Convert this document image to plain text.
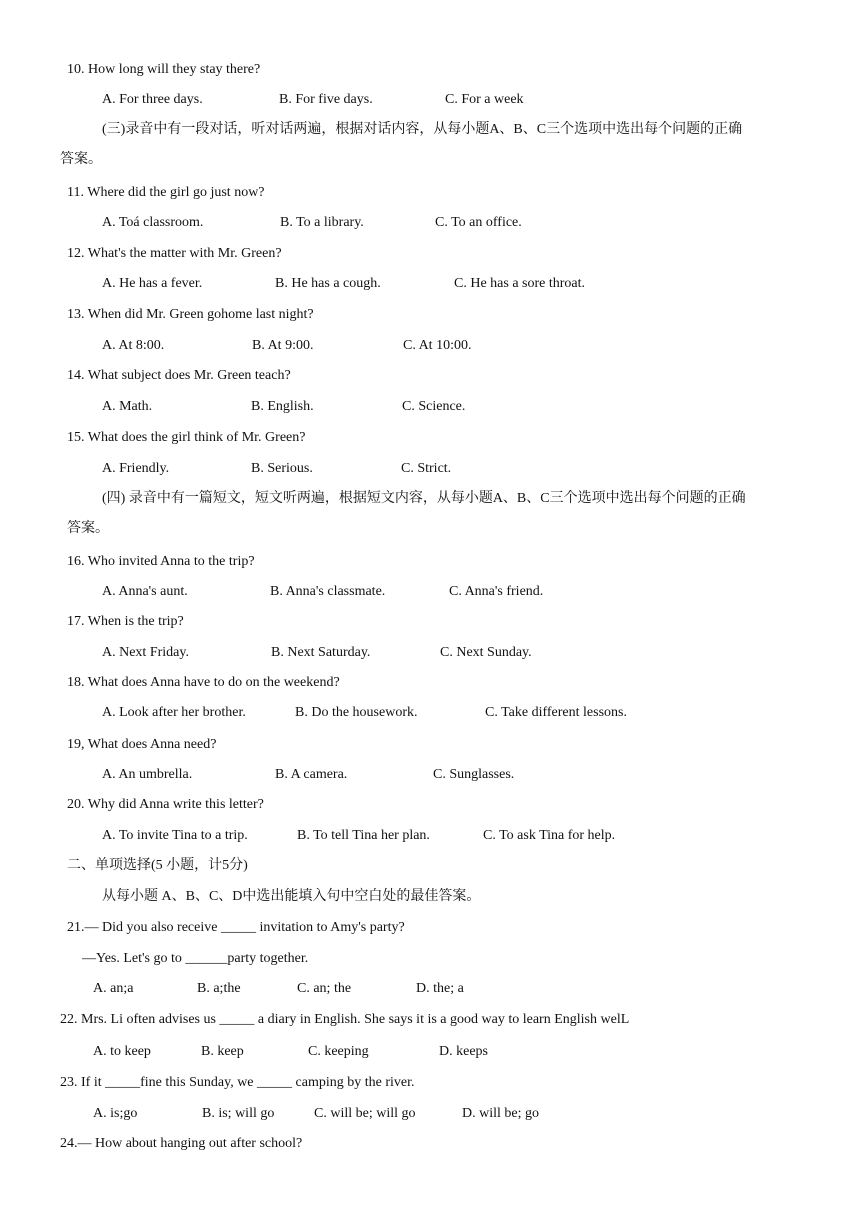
10. How long will they stay there?
A. For three days.	B. For five days.	C. For a week
(三)录音中有一段对话，听对话两遍，根据对话内容，从每小题A、B、C三个选项中选出每个问题的正确
答案。
11. Where did the girl go just now?
A. Toá classroom.	B. To a library.	C. To an office.
12. What's the matter with Mr. Green?
A. He has a fever.	B. He has a cough.	C. He has a sore throat.
13. When did Mr. Green gohome last night?
A. At 8:00.	B. At 9:00.	C. At 10:00.
14. What subject does Mr. Green teach?
A. Math.	B. English.	C. Science.
15. What does the girl think of Mr. Green?
A. Friendly.	B. Serious.	C. Strict.
(四) 录音中有一篇短文，短文听两遍，根据短文内容，从每小题A、B、C三个选项中选出每个问题的正确
答案。
16. Who invited Anna to the trip?
A. Anna's aunt.	B. Anna's classmate.	C. Anna's friend.
17. When is the trip?
A. Next Friday.	B. Next Saturday.	C. Next Sunday.
18. What does Anna have to do on the weekend?
A. Look after her brother.	B. Do the housework.	C. Take different lessons.
19, What does Anna need?
A. An umbrella.	B. A camera.	C. Sunglasses.
20. Why did Anna write this letter?
A. To invite Tina to a trip.	B. To tell Tina her plan.	C. To ask Tina for help.
二、单项选择(5 小题，计5分)
从每小题 A、B、C、D中选出能填入句中空白处的最佳答案。
21.— Did you also receive _____ invitation to Amy's party?
—Yes. Let's go to ______party together.
A. an;a	B. a;the	C. an; the	D. the; a
22. Mrs. Li often advises us _____ a diary in English. She says it is a good way to learn English welL
A. to keep	B. keep	C. keeping	D. keeps
23. If it _____fine this Sunday, we _____ camping by the river.
A. is;go	B. is; will go	C. will be; will go	D. will be; go
24.— How about hanging out after school?
